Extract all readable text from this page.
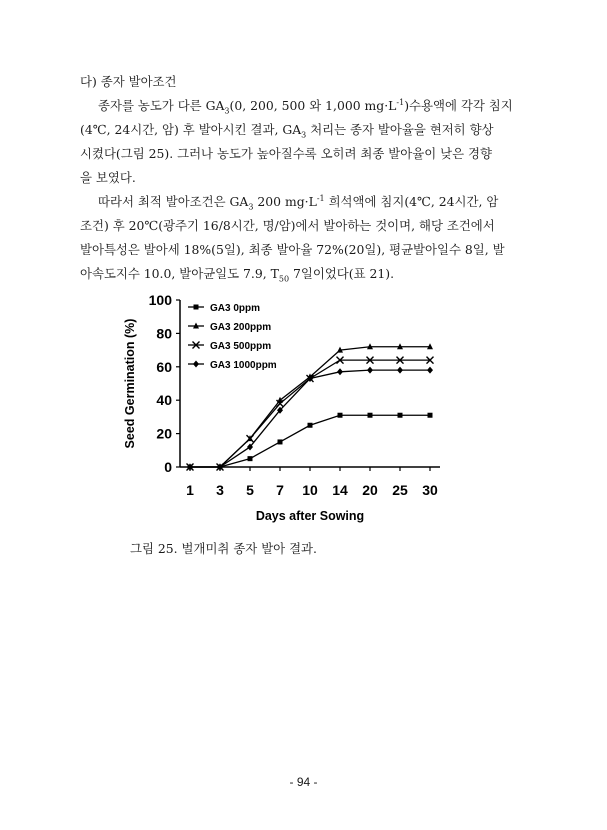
다) 종자 발아조건
종자를 농도가 다른 $GA_3(0$, 200, 500 와 1,000 $mg\cdot L^{-1}$)수용액에 각각 침지
(4℃, 24시간, 암) 후 발아시킨 결과, $GA_3$ 처리는 종자 발아율을 현저히 향상
시켰다(그림 25). 그러나 농도가 높아질수록 오히려 최종 발아율이 낮은 경향
을 보였다.
따라서 최적 발아조건은 $GA_3$ 200 $mg\cdot L^{-1}$ 희석액에 침지(4℃, 24시간, 암
조건) 후 20℃(광주기 16/8시간, 명/암)에서 발아하는 것이며, 해당 조건에서
발아특성은 발아세 18%(5일), 최종 발아율 72%(20일), 평균발아일수 8일, 발
아속도지수 10.0, 발아균일도 7.9, $T_{50}$ 7일이었다(표 21).
0
20
40
60
80
100
1 3 5 7 10 14 20 25 30
Days after Sowing
Seed Germination (%)
GA3 0ppm
GA3 200ppm
GA3 500ppm
GA3 1000ppm
그림 25. 벌개미취 종자 발아 결과.
- 94 -
